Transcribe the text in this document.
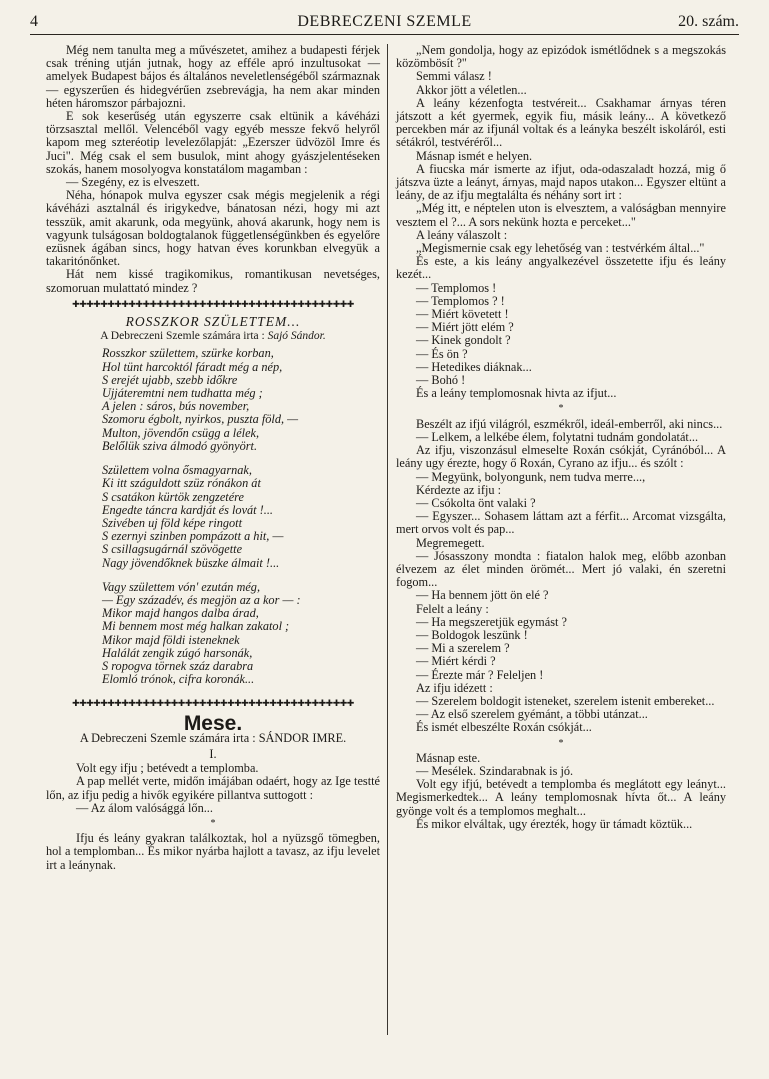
4	DEBRECZENI SZEMLE	20. szám.

Még nem tanulta meg a művészetet, amihez a budapesti férjek csak tréning utján jutnak, hogy az efféle apró inzultusokat — amelyek Budapest bájos és általános neveletlenségéből származnak — egyszerűen és hidegvérűen zsebrevágja, ha nem akar minden héten háromszor párbajozni.

E sok keserűség után egyszerre csak eltünik a kávéházi törzsasztal mellől. Velencéből vagy egyéb messze fekvő helyről kapom meg szteréotip levelezőlapját: „Ezerszer üdvözöl Imre és Juci". Még csak el sem busulok, mint ahogy gyászjelentéseken szokás, hanem mosolyogva konstatálom magamban :

— Szegény, ez is elveszett.

Néha, hónapok mulva egyszer csak mégis megjelenik a régi kávéházi asztalnál és irigykedve, bánatosan nézi, hogy mi azt tesszük, amit akarunk, oda megyünk, ahová akarunk, hogy nem is vagyunk tulságosan boldogtalanok függetlenségünkben és egyelőre ezüsnek ágában sincs, hogy hatvan éves korunkban elvegyük a takaritónőnket.

Hát nem kissé tragikomikus, romantikusan nevetséges, szomoruan mulattató mindez ?

✚✚✚✚✚✚✚✚✚✚✚✚✚✚✚✚✚✚✚✚✚✚✚✚✚✚✚✚✚✚✚✚✚✚✚✚✚✚✚✚
ROSSZKOR SZÜLETTEM...
A Debreczeni Szemle számára irta : Sajó Sándor.
Rosszkor születtem, szürke korban,
Hol tünt harcoktól fáradt még a nép,
S erejét ujabb, szebb időkre
Ujjáteremtni nem tudhatta még ;
A jelen : sáros, bús november,
Szomoru égbolt, nyirkos, puszta föld, —
Multon, jövendőn csügg a lélek,
Belőlük sziva álmodó gyönyört.
Születtem volna ősmagyarnak,
Ki itt száguldott szüz rónákon át
S csatákon kürtök zengzetére
Engedte táncra kardját és lovát !...
Szivében uj föld képe ringott
S ezernyi szinben pompázott a hit, —
S csillagsugárnál szövögette
Nagy jövendőknek büszke álmait !...
Vagy születtem vón' ezután még,
— Egy századév, és megjön az a kor — :
Mikor majd hangos dalba árad,
Mi bennem most még halkan zakatol ;
Mikor majd földi isteneknek
Halálát zengik zúgó harsonák,
S ropogva törnek száz darabra
Elomló trónok, cifra koronák...
✚✚✚✚✚✚✚✚✚✚✚✚✚✚✚✚✚✚✚✚✚✚✚✚✚✚✚✚✚✚✚✚✚✚✚✚✚✚✚✚
Mese.

A Debreczeni Szemle számára irta : SÁNDOR IMRE.

I.

Volt egy ifju ; betévedt a templomba.

A pap mellét verte, midőn imájában odaért, hogy az Ige testté lőn, az ifju pedig a hivők egyikére pillantva suttogott :

— Az álom valósággá lőn...

*

Ifju és leány gyakran találkoztak, hol a nyüzsgő tömegben, hol a templomban... És mikor nyárba hajlott a tavasz, az ifju levelet irt a leánynak.

„Nem gondolja, hogy az epizódok ismétlődnek s a megszokás közömbösít ?"

Semmi válasz !

Akkor jött a véletlen...

A leány kézenfogta testvéreit... Csakhamar árnyas téren játszott a két gyermek, egyik fiu, másik leány... A következő percekben már az ifjunál voltak és a leányka beszélt iskoláról, esti sétákról, testvéréről...

Másnap ismét e helyen.

A fiucska már ismerte az ifjut, oda-odaszaladt hozzá, mig ő játszva üzte a leányt, árnyas, majd napos utakon... Egyszer eltünt a leány, de az ifju megtalálta és néhány sort irt :

„Még itt, e néptelen uton is elvesztem, a valóságban mennyire vesztem el ?... A sors nekünk hozta e perceket..."

A leány válaszolt :

„Megismernie csak egy lehetőség van : testvérkém által..."

És este, a kis leány angyalkezével összetette ifju és leány kezét...

— Templomos !

— Templomos ? !

— Miért követett !

— Miért jött elém ?

— Kinek gondolt ?

— És ön ?

— Hetedikes diáknak...

— Bohó !

És a leány templomosnak hivta az ifjut...

*

Beszélt az ifjú világról, eszmékről, ideál-emberről, aki nincs...

— Lelkem, a lelkébe élem, folytatni tudnám gondolatát...

Az ifju, viszonzásul elmeselte Roxán csókját, Cyránóból... A leány ugy érezte, hogy ő Roxán, Cyrano az ifju... és szólt :

— Megyünk, bolyongunk, nem tudva merre...,

Kérdezte az ifju :

— Csókolta önt valaki ?

— Egyszer... Sohasem láttam azt a férfit... Arcomat vizsgálta, mert orvos volt és pap...

Megremegett.

— Jósasszony mondta : fiatalon halok meg, előbb azonban élvezem az élet minden örömét... Mert jó valaki, én szeretni fogom...

— Ha bennem jött ön elé ?

Felelt a leány :

— Ha megszeretjük egymást ?

— Boldogok leszünk !

— Mi a szerelem ?

— Miért kérdi ?

— Érezte már ? Feleljen !

Az ifju idézett :

— Szerelem boldogit isteneket, szerelem istenit embereket...

— Az első szerelem gyémánt, a többi utánzat...

És ismét elbeszélte Roxán csókját...

*

Másnap este.

— Mesélek. Szindarabnak is jó.

Volt egy ifjú, betévedt a templomba és meglátott egy leányt... Megismerkedtek... A leány templomosnak hívta őt... A leány gyönge volt és a templomos meghalt...

És mikor elváltak, ugy érezték, hogy ür támadt köztük...
